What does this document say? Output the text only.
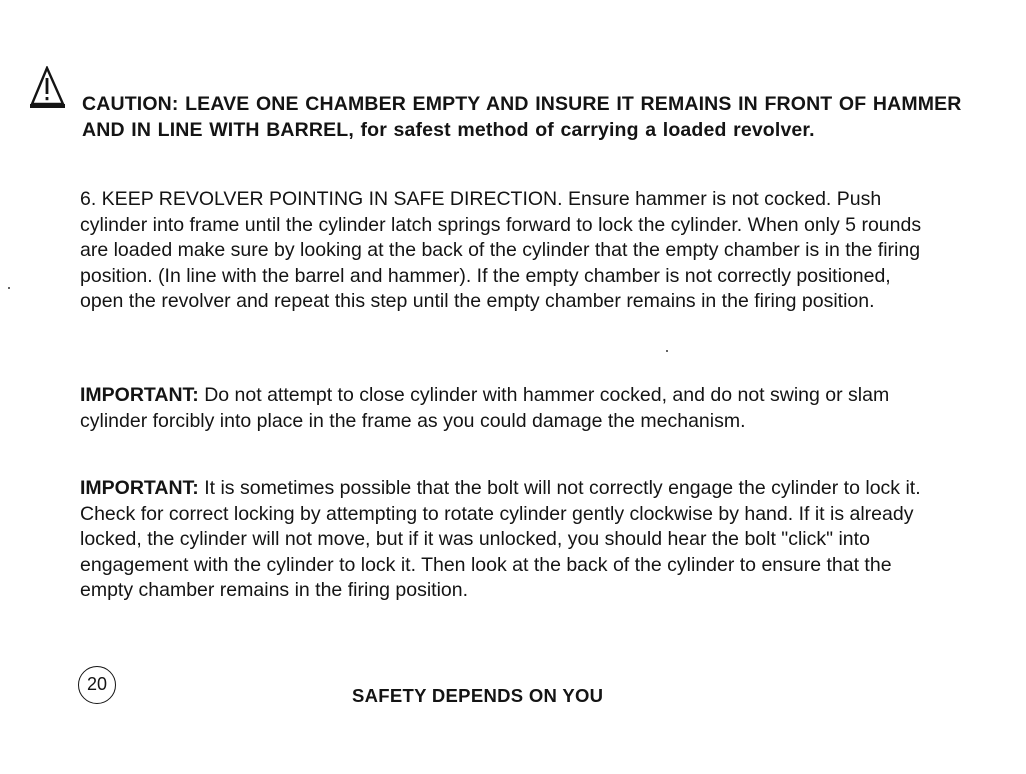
CAUTION: LEAVE ONE CHAMBER EMPTY AND INSURE IT REMAINS IN FRONT OF HAMMER AND IN LINE WITH BARREL, for safest method of carrying a loaded revolver.
6. KEEP REVOLVER POINTING IN SAFE DIRECTION. Ensure hammer is not cocked. Push cylinder into frame until the cylinder latch springs forward to lock the cylinder. When only 5 rounds are loaded make sure by looking at the back of the cylinder that the empty chamber is in the firing position. (In line with the barrel and hammer). If the empty chamber is not correctly positioned, open the revolver and repeat this step until the empty chamber remains in the firing position.
IMPORTANT: Do not attempt to close cylinder with hammer cocked, and do not swing or slam cylinder forcibly into place in the frame as you could damage the mechanism.
IMPORTANT: It is sometimes possible that the bolt will not correctly engage the cylinder to lock it. Check for correct locking by attempting to rotate cylinder gently clockwise by hand. If it is already locked, the cylinder will not move, but if it was unlocked, you should hear the bolt "click" into engagement with the cylinder to lock it. Then look at the back of the cylinder to ensure that the empty chamber remains in the firing position.
20
SAFETY DEPENDS ON YOU
